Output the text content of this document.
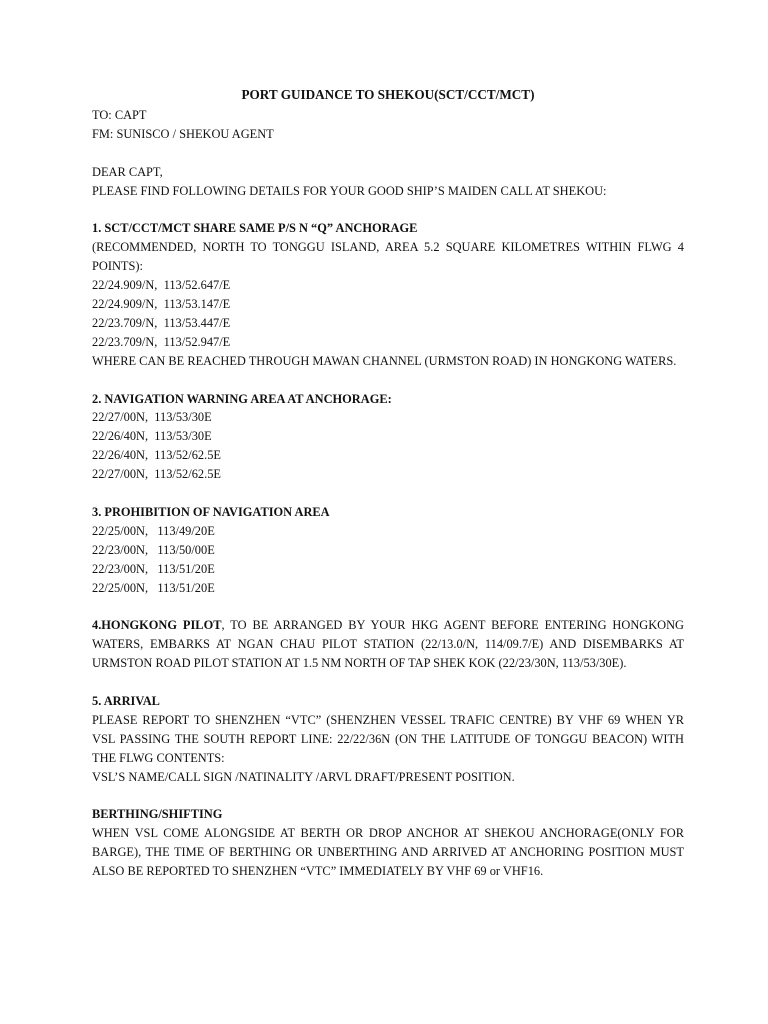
PORT GUIDANCE TO SHEKOU(SCT/CCT/MCT)

TO: CAPT

FM: SUNISCO / SHEKOU AGENT

DEAR CAPT,

PLEASE FIND FOLLOWING DETAILS FOR YOUR GOOD SHIP’S MAIDEN CALL AT SHEKOU:

1. SCT/CCT/MCT SHARE SAME P/S N “Q” ANCHORAGE

(RECOMMENDED, NORTH TO TONGGU ISLAND, AREA 5.2 SQUARE KILOMETRES WITHIN FLWG 4 POINTS):

22/24.909/N,  113/52.647/E

22/24.909/N,  113/53.147/E

22/23.709/N,  113/53.447/E

22/23.709/N,  113/52.947/E

WHERE CAN BE REACHED THROUGH MAWAN CHANNEL (URMSTON ROAD) IN HONGKONG WATERS.

2. NAVIGATION WARNING AREA AT ANCHORAGE:

22/27/00N,  113/53/30E

22/26/40N,  113/53/30E

22/26/40N,  113/52/62.5E

22/27/00N,  113/52/62.5E

3. PROHIBITION OF NAVIGATION AREA

22/25/00N,   113/49/20E

22/23/00N,   113/50/00E

22/23/00N,   113/51/20E

22/25/00N,   113/51/20E

4.HONGKONG PILOT, TO BE ARRANGED BY YOUR HKG AGENT BEFORE ENTERING HONGKONG WATERS, EMBARKS AT NGAN CHAU PILOT STATION (22/13.0/N, 114/09.7/E) AND DISEMBARKS AT URMSTON ROAD PILOT STATION AT 1.5 NM NORTH OF TAP SHEK KOK (22/23/30N, 113/53/30E).

5. ARRIVAL

PLEASE REPORT TO SHENZHEN “VTC” (SHENZHEN VESSEL TRAFIC CENTRE) BY VHF 69 WHEN YR VSL PASSING THE SOUTH REPORT LINE: 22/22/36N (ON THE LATITUDE OF TONGGU BEACON) WITH THE FLWG CONTENTS:

VSL’S NAME/CALL SIGN /NATINALITY /ARVL DRAFT/PRESENT POSITION.

BERTHING/SHIFTING

WHEN VSL COME ALONGSIDE AT BERTH OR DROP ANCHOR AT SHEKOU ANCHORAGE(ONLY FOR BARGE), THE TIME OF BERTHING OR UNBERTHING AND ARRIVED AT ANCHORING POSITION MUST ALSO BE REPORTED TO SHENZHEN “VTC” IMMEDIATELY BY VHF 69 or VHF16.
